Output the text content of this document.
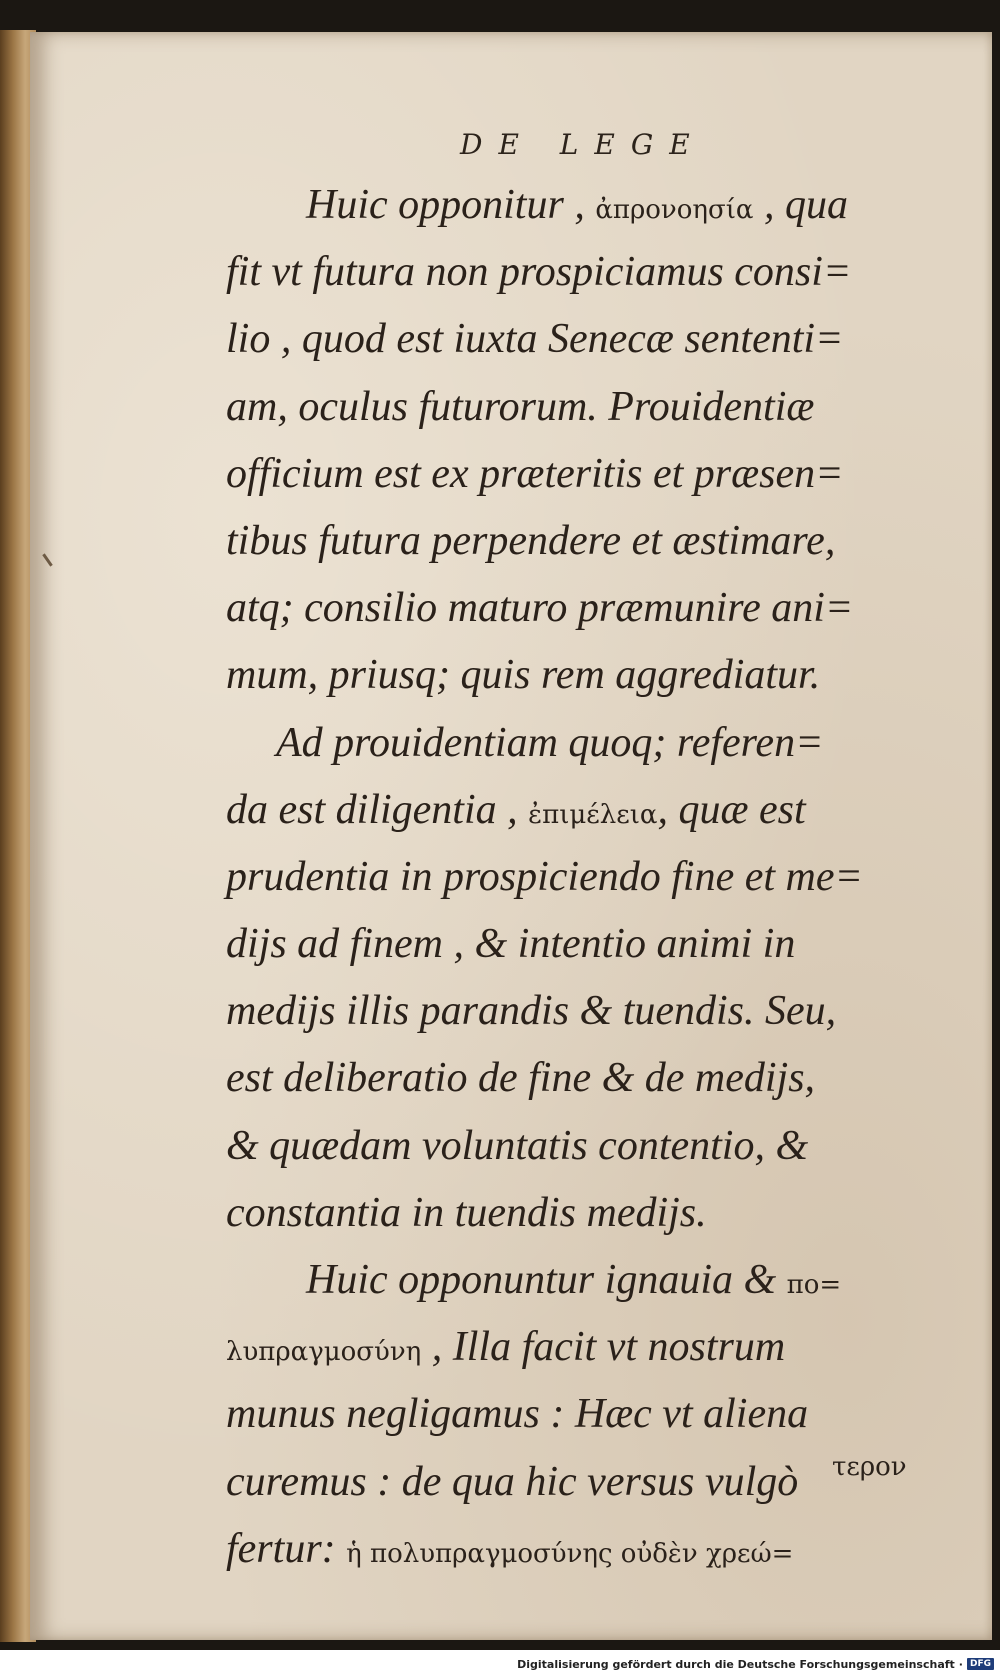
DE LEGE
Huic opponitur , ἀπρονοησία , qua
fit vt futura non prospiciamus consi=
lio , quod est iuxta Senecæ sententi=
am, oculus futurorum. Prouidentiæ
officium est ex præteritis et præsen=
tibus futura perpendere et æstimare,
atq; consilio maturo præmunire ani=
mum, priusq; quis rem aggrediatur.
Ad prouidentiam quoq; referen=
da est diligentia , ἐπιμέλεια, quæ est
prudentia in prospiciendo fine et me=
dijs ad finem , & intentio animi in
medijs illis parandis & tuendis. Seu,
est deliberatio de fine & de medijs,
& quædam voluntatis contentio, &
constantia in tuendis medijs.
Huic opponuntur ignauia & πο=
λυπραγμοσύνη , Illa facit vt nostrum
munus negligamus : Hæc vt aliena
curemus : de qua hic versus vulgò
fertur: ἡ πολυπραγμοσύνης οὐδὲν χρεώ=
τερον
Digitalisierung gefördert durch die Deutsche Forschungsgemeinschaft · DFG
